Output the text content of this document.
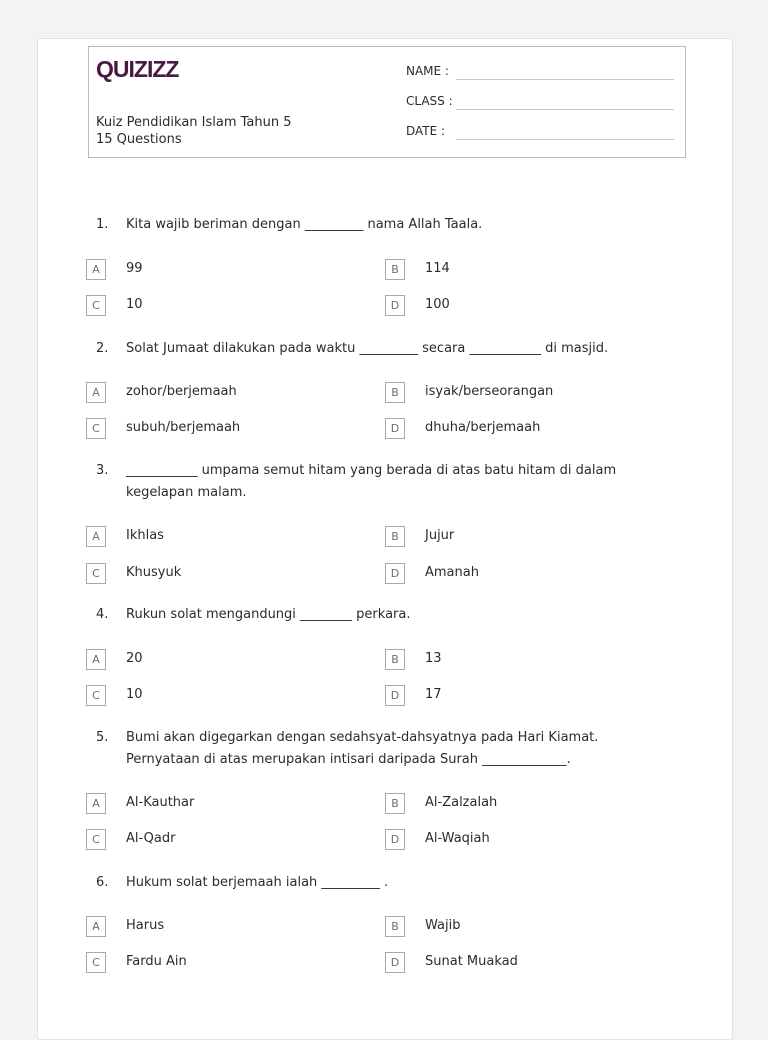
QUIZIZZ
Kuiz Pendidikan Islam Tahun 5
15 Questions
NAME :
CLASS :
DATE :
1. Kita wajib beriman dengan _________ nama Allah Taala.
A	99	B	114
C	10	D	100
2. Solat Jumaat dilakukan pada waktu _________ secara ___________ di masjid.
A	zohor/berjemaah	B	isyak/berseorangan
C	subuh/berjemaah	D	dhuha/berjemaah
3. ___________ umpama semut hitam yang berada di atas batu hitam di dalam kegelapan malam.
A	Ikhlas	B	Jujur
C	Khusyuk	D	Amanah
4. Rukun solat mengandungi ________ perkara.
A	20	B	13
C	10	D	17
5. Bumi akan digegarkan dengan sedahsyat-dahsyatnya pada Hari Kiamat.
Pernyataan di atas merupakan intisari daripada Surah _____________.
A	Al-Kauthar	B	Al-Zalzalah
C	Al-Qadr	D	Al-Waqiah
6. Hukum solat berjemaah ialah _________ .
A	Harus	B	Wajib
C	Fardu Ain	D	Sunat Muakad
